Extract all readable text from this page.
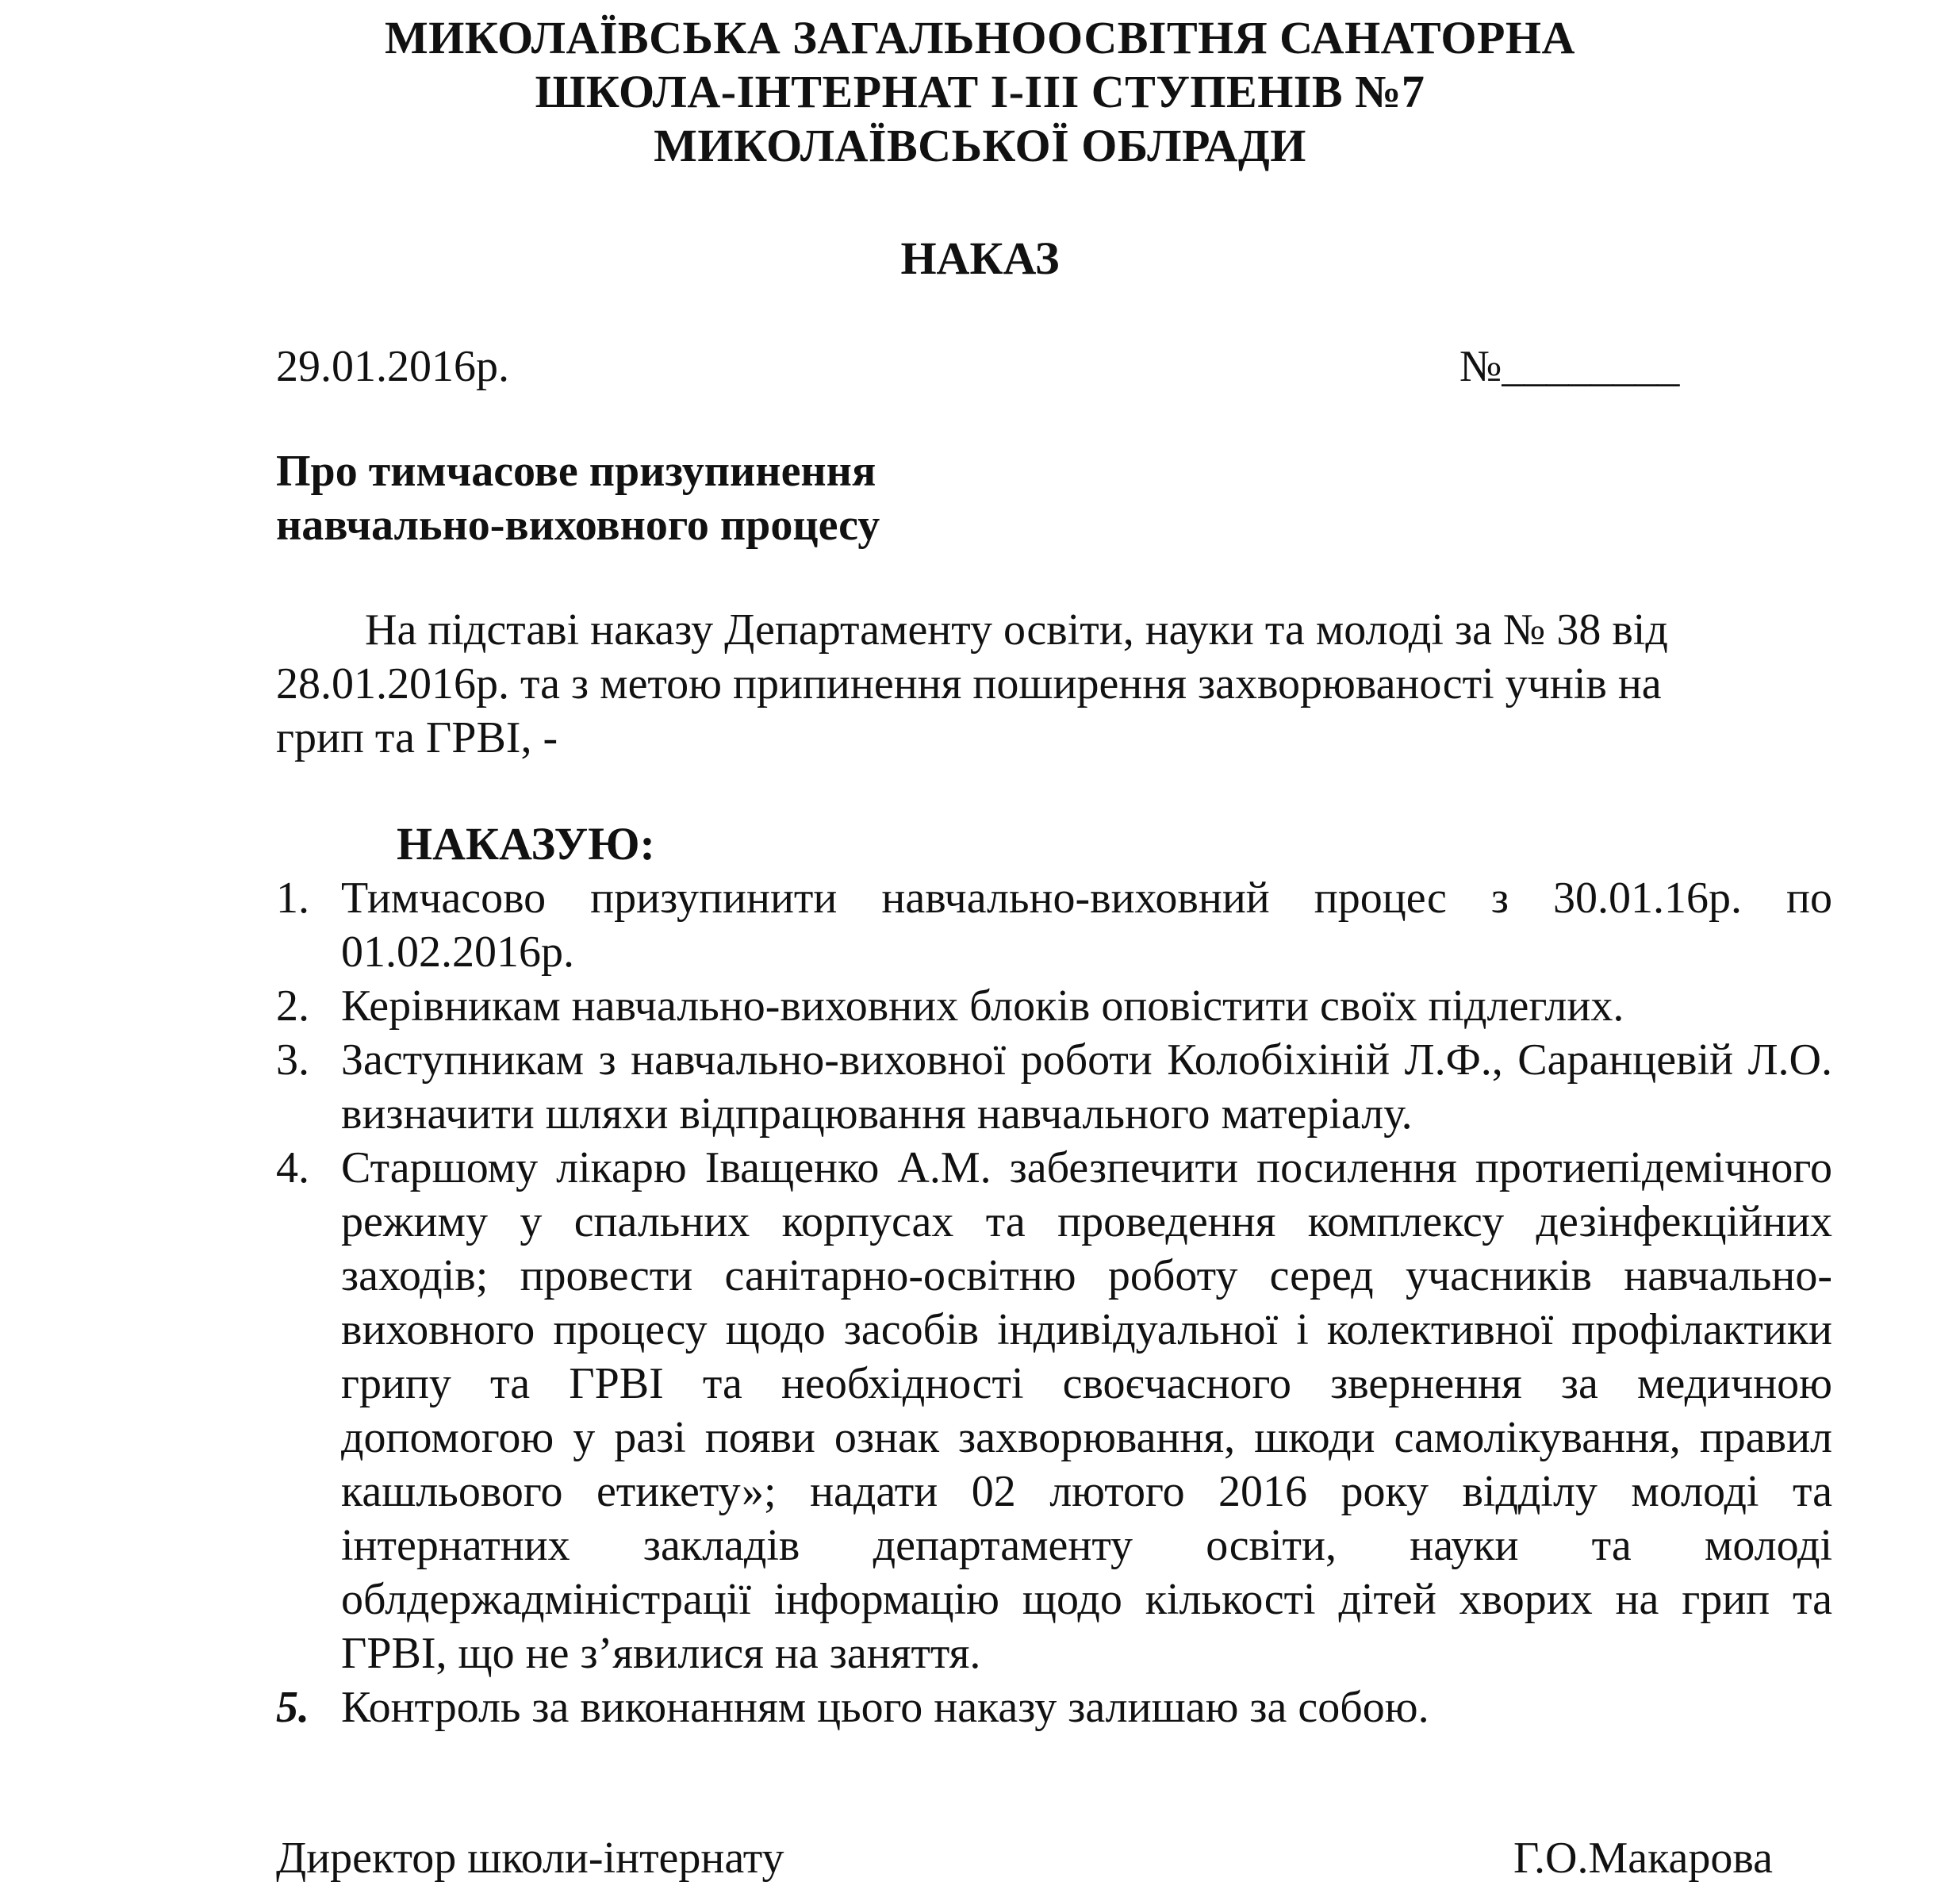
МИКОЛАЇВСЬКА ЗАГАЛЬНООСВІТНЯ САНАТОРНА
ШКОЛА-ІНТЕРНАТ І-ІІІ СТУПЕНІВ №7
МИКОЛАЇВСЬКОЇ ОБЛРАДИ
НАКАЗ
29.01.2016р.	№________
Про тимчасове призупинення
навчально-виховного процесу
На підставі наказу Департаменту освіти, науки та молоді за № 38 від
28.01.2016р. та з метою припинення поширення захворюваності учнів на
грип та ГРВІ, -
НАКАЗУЮ:
1. Тимчасово призупинити навчально-виховний процес з 30.01.16р. по 01.02.2016р.
2. Керівникам навчально-виховних блоків оповістити своїх підлеглих.
3. Заступникам з навчально-виховної роботи Колобіхіній Л.Ф., Саранцевій Л.О. визначити шляхи відпрацювання навчального матеріалу.
4. Старшому лікарю Іващенко А.М. забезпечити посилення протиепідемічного режиму у спальних корпусах та проведення комплексу дезінфекційних заходів; провести санітарно-освітню роботу серед учасників навчально-виховного процесу щодо засобів індивідуальної і колективної профілактики грипу та ГРВІ та необхідності своєчасного звернення за медичною допомогою у разі появи ознак захворювання, шкоди самолікування, правил кашльового етикету»; надати 02 лютого 2016 року відділу молоді та інтернатних закладів департаменту освіти, науки та молоді облдержадміністрації інформацію щодо кількості дітей хворих на грип та ГРВІ, що не з’явилися на заняття.
5. Контроль за виконанням цього наказу залишаю за собою.
Директор школи-інтернату	Г.О.Макарова
